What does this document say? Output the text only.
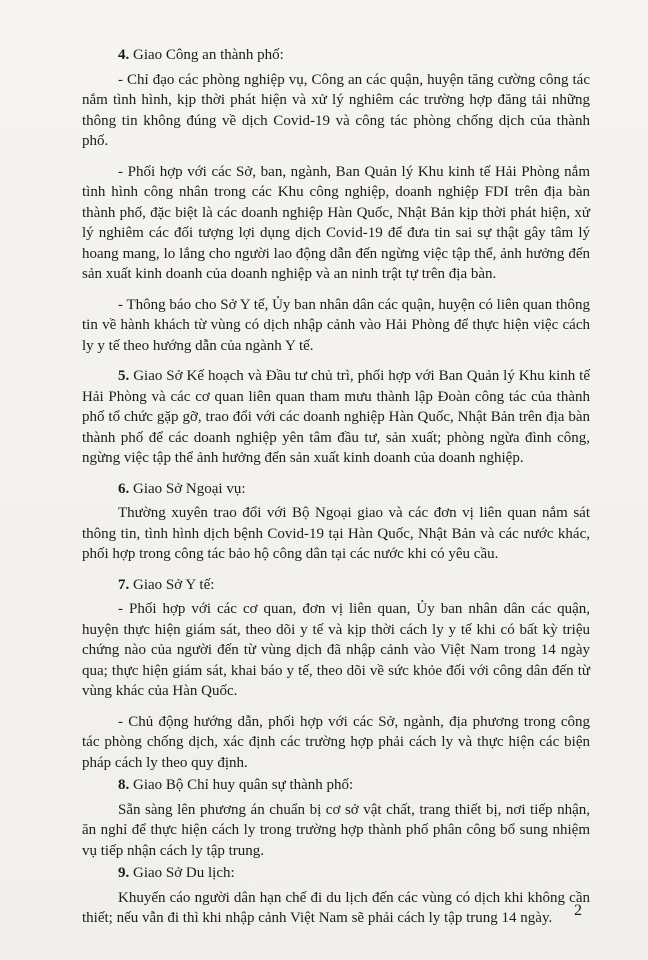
4. Giao Công an thành phố:

- Chỉ đạo các phòng nghiệp vụ, Công an các quận, huyện tăng cường công tác nắm tình hình, kịp thời phát hiện và xử lý nghiêm các trường hợp đăng tải những thông tin không đúng về dịch Covid-19 và công tác phòng chống dịch của thành phố.

- Phối hợp với các Sở, ban, ngành, Ban Quản lý Khu kinh tế Hải Phòng nắm tình hình công nhân trong các Khu công nghiệp, doanh nghiệp FDI trên địa bàn thành phố, đặc biệt là các doanh nghiệp Hàn Quốc, Nhật Bản kịp thời phát hiện, xử lý nghiêm các đối tượng lợi dụng dịch Covid-19 để đưa tin sai sự thật gây tâm lý hoang mang, lo lắng cho người lao động dẫn đến ngừng việc tập thể, ảnh hưởng đến sản xuất kinh doanh của doanh nghiệp và an ninh trật tự trên địa bàn.

- Thông báo cho Sở Y tế, Ủy ban nhân dân các quận, huyện có liên quan thông tin về hành khách từ vùng có dịch nhập cảnh vào Hải Phòng để thực hiện việc cách ly y tế theo hướng dẫn của ngành Y tế.

5. Giao Sở Kế hoạch và Đầu tư chủ trì, phối hợp với Ban Quản lý Khu kinh tế Hải Phòng và các cơ quan liên quan tham mưu thành lập Đoàn công tác của thành phố tổ chức gặp gỡ, trao đổi với các doanh nghiệp Hàn Quốc, Nhật Bản trên địa bàn thành phố để các doanh nghiệp yên tâm đầu tư, sản xuất; phòng ngừa đình công, ngừng việc tập thể ảnh hưởng đến sản xuất kinh doanh của doanh nghiệp.

6. Giao Sở Ngoại vụ:

Thường xuyên trao đổi với Bộ Ngoại giao và các đơn vị liên quan nắm sát thông tin, tình hình dịch bệnh Covid-19 tại Hàn Quốc, Nhật Bản và các nước khác, phối hợp trong công tác bảo hộ công dân tại các nước khi có yêu cầu.

7. Giao Sở Y tế:

- Phối hợp với các cơ quan, đơn vị liên quan, Ủy ban nhân dân các quận, huyện thực hiện giám sát, theo dõi y tế và kịp thời cách ly y tế khi có bất kỳ triệu chứng nào của người đến từ vùng dịch đã nhập cảnh vào Việt Nam trong 14 ngày qua; thực hiện giám sát, khai báo y tế, theo dõi về sức khỏe đối với công dân đến từ vùng khác của Hàn Quốc.

- Chủ động hướng dẫn, phối hợp với các Sở, ngành, địa phương trong công tác phòng chống dịch, xác định các trường hợp phải cách ly và thực hiện các biện pháp cách ly theo quy định.

8. Giao Bộ Chỉ huy quân sự thành phố:

Sẵn sàng lên phương án chuẩn bị cơ sở vật chất, trang thiết bị, nơi tiếp nhận, ăn nghỉ để thực hiện cách ly trong trường hợp thành phố phân công bổ sung nhiệm vụ tiếp nhận cách ly tập trung.

9. Giao Sở Du lịch:

Khuyến cáo người dân hạn chế đi du lịch đến các vùng có dịch khi không cần thiết; nếu vẫn đi thì khi nhập cảnh Việt Nam sẽ phải cách ly tập trung 14 ngày.	2
